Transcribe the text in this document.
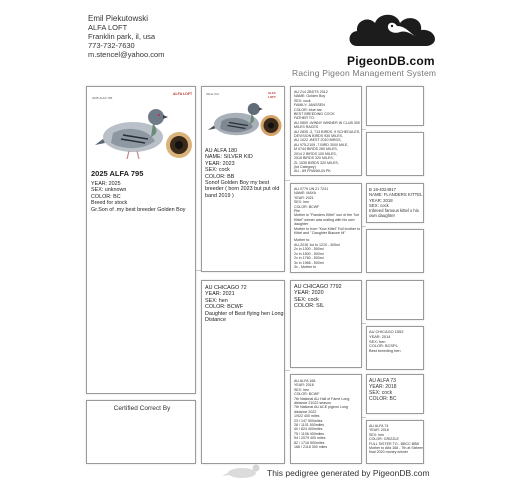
Emil Piekutowski
ALFA LOFT
Franklin park, il, usa
773-732-7630
m.stencel@yahoo.com	PigeonDB.com
Racing Pigeon Management System
2025 ALFA 795
ALFA LOFT
2025 ALFA 795
YEAR: 2025
SEX: unknown
COLOR: BC
Breed for stock
Gr.Son of .my best breeder Golden Boy
Silver Kid	ALFA LOFT
AU ALFA 180
NAME: SILVER KID
YEAR: 2023
SEX: cock
COLOR: BB
Sonof Golden Boy my best breeder ( born 2023 but put old band 2019 )
AU CHICAGO 72
YEAR: 2021
SEX: hen
COLOR: BCWF
Daughter of Best flying hen Long Distance
AU 214 ZBDTS 2012
NAME: Golden Boy
SEX: cock
FAMILY: JANSSEN
COLOR: blue bar
BEST BREEDING COCK
FATHER TO:
AU 0809 -WINNY WINNER IN CLUB 300 MILES RACES
AU 2835 -3, 713 BIRDS, 9 SCHEDULES,
DEVISION BIRDS 930 MILES,
AU 1022 -BEST 2010 BIRDS,
AU 975-2109 -7 BIRD 3000 MILE,
M 0744 BIRDS 280 MILES,
2014 2 BIRDS 100 MILES,
2015 BIRDS 320 MILES,
ZL 1535 BIRDS 320 MILES,
(lot Category)
AU - 89 FRANKLIN PK
AU 0779 UN 21 7241
NAME: MAYA
YEAR: 2021
SEX: hen
COLOR: BCWF
Pile
Mother is "Flanders Kittel" son of the "Ice Kittel" winner was mating with his own daughter
Mother to from "Kow Kittel" Full brother to Kittel and " Daughter Blauwe Hi"
Mother to:
AU-2016 1st to 1210 - 400mi
2x in 1300 - 500mi
2x in 1500 - 500mi
2x in 1760 - 500mi
3x in 1966 - 500mi
3x - Mother to
AU CHICAGO 7792
YEAR: 2020
SEX: cock
COLOR: SIL
AU ALFA 168
YEAR: 2018
SEX: hen
COLOR: BCWF
7th National AU Hall of Fame Long distance 21022 season
7th National AU ACE pigeon Long distance 2022
1/922 400 miles
23 / 147 500miles
28 / 1101 500miles
40 / 824 400miles
75 / 1106 400miles
94 / 2079 400 miles
82 / 1716 500miles
166 / 2118 300 miles
B 18-4024917
NAME: FLANDERS KITTEL
YEAR: 2018
SEX: cock
Inbreed famous kittel x his own daughter
AU CHICAGO 1553
YEAR: 2014
SEX: hen
COLOR: BCSPL
Best breeding hen
AU ALFA 73
YEAR: 2018
SEX: cock
COLOR: BC
AU ALFA 74
YEAR: 2018
SEX: hen
COLOR: GRIZZLE
FULL SISTER TO - BBCC BBB
Mother to Alfa 168 - 7th at Sixteen final 2020 money winner
Certified Correct By
This pedigree generated by PigeonDB.com
